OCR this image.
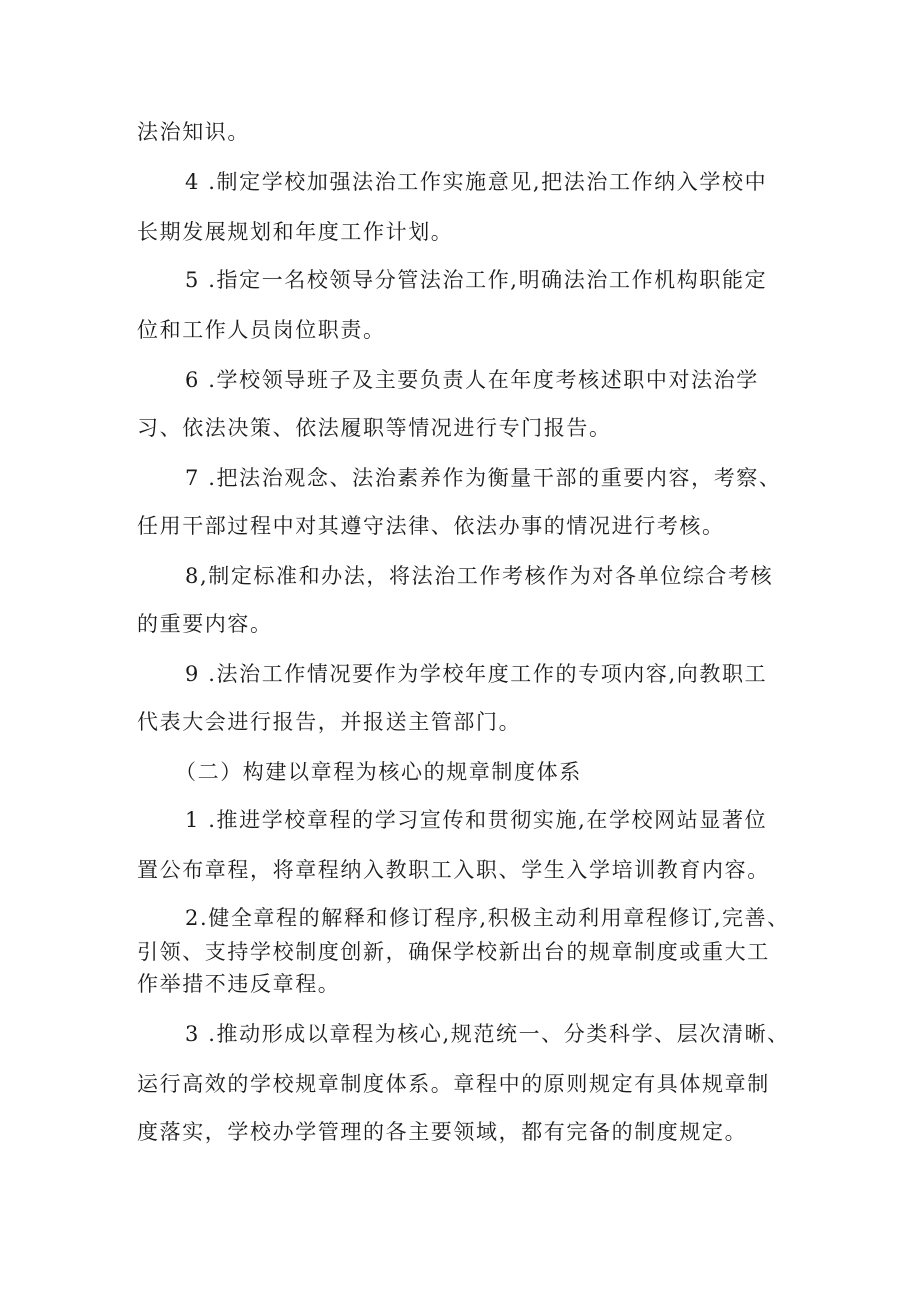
法治知识。
4 .制定学校加强法治工作实施意见,把法治工作纳入学校中
长期发展规划和年度工作计划。
5 .指定一名校领导分管法治工作,明确法治工作机构职能定
位和工作人员岗位职责。
6 .学校领导班子及主要负责人在年度考核述职中对法治学
习、依法决策、依法履职等情况进行专门报告。
7 .把法治观念、法治素养作为衡量干部的重要内容，考察、
任用干部过程中对其遵守法律、依法办事的情况进行考核。
8,制定标准和办法，将法治工作考核作为对各单位综合考核
的重要内容。
9 .法治工作情况要作为学校年度工作的专项内容,向教职工
代表大会进行报告，并报送主管部门。
（二）构建以章程为核心的规章制度体系
1 .推进学校章程的学习宣传和贯彻实施,在学校网站显著位
置公布章程，将章程纳入教职工入职、学生入学培训教育内容。
2.健全章程的解释和修订程序,积极主动利用章程修订,完善、
引领、支持学校制度创新，确保学校新出台的规章制度或重大工
作举措不违反章程。
3 .推动形成以章程为核心,规范统一、分类科学、层次清晰、
运行高效的学校规章制度体系。章程中的原则规定有具体规章制
度落实，学校办学管理的各主要领域，都有完备的制度规定。
